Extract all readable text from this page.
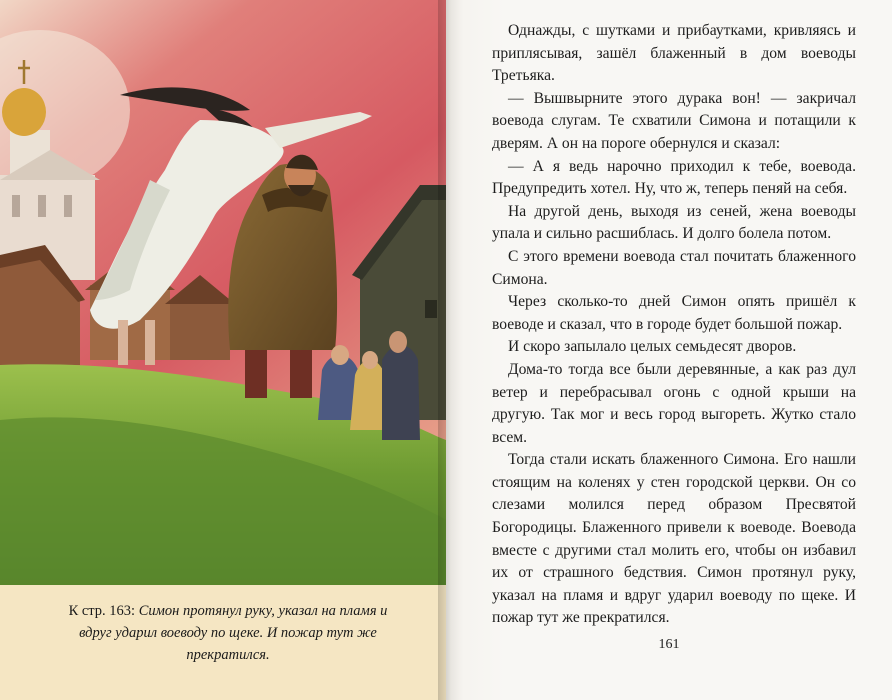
К стр. 163: Симон протянул руку, указал на пламя и вдруг ударил воеводу по щеке. И пожар тут же прекратился.

Однажды, с шутками и прибаутками, кривляясь и приплясывая, зашёл блаженный в дом воеводы Третьяка.

— Вышвырните этого дурака вон! — закричал воевода слугам. Те схватили Симона и потащили к дверям. А он на пороге обернулся и сказал:

— А я ведь нарочно приходил к тебе, воевода. Предупредить хотел. Ну, что ж, теперь пеняй на себя.

На другой день, выходя из сеней, жена воеводы упала и сильно расшиблась. И долго болела потом.

С этого времени воевода стал почитать блаженного Симона.

Через сколько-то дней Симон опять пришёл к воеводе и сказал, что в городе будет большой пожар.

И скоро запылало целых семьдесят дворов.

Дома-то тогда все были деревянные, а как раз дул ветер и перебрасывал огонь с одной крыши на другую. Так мог и весь город выгореть. Жутко стало всем.

Тогда стали искать блаженного Симона. Его нашли стоящим на коленях у стен городской церкви. Он со слезами молился перед образом Пресвятой Богородицы. Блаженного привели к воеводе. Воевода вместе с другими стал молить его, чтобы он избавил их от страшного бедствия. Симон протянул руку, указал на пламя и вдруг ударил воеводу по щеке. И пожар тут же прекратился.

161
